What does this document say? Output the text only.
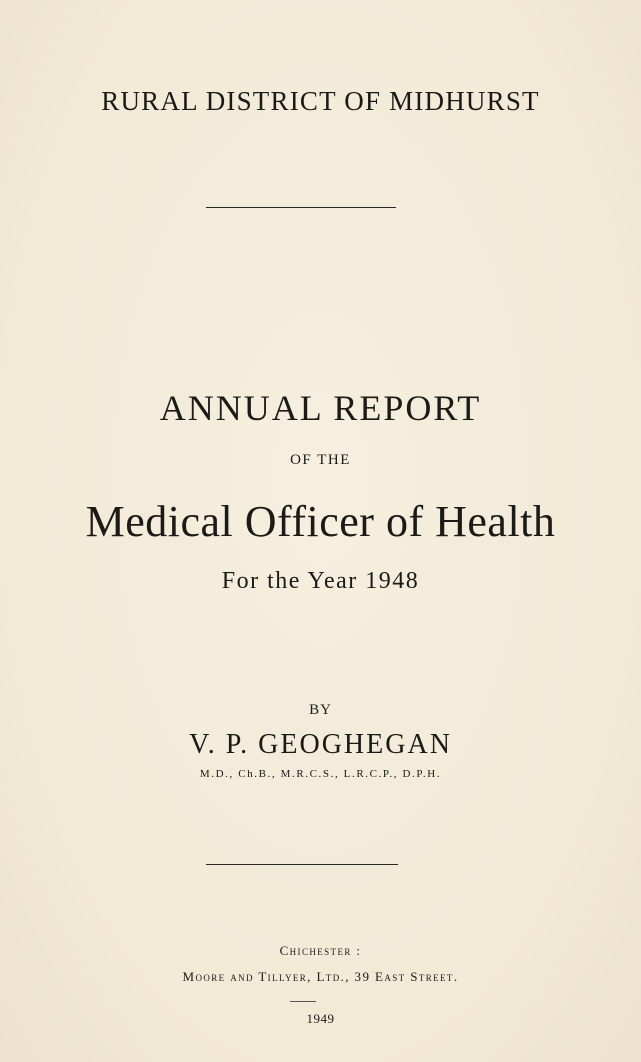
RURAL DISTRICT OF MIDHURST
ANNUAL REPORT
OF THE
Medical Officer of Health
For the Year 1948
BY
V. P. GEOGHEGAN
M.D., Ch.B., M.R.C.S., L.R.C.P., D.P.H.
Chichester :
Moore and Tillyer, Ltd., 39 East Street.
1949
